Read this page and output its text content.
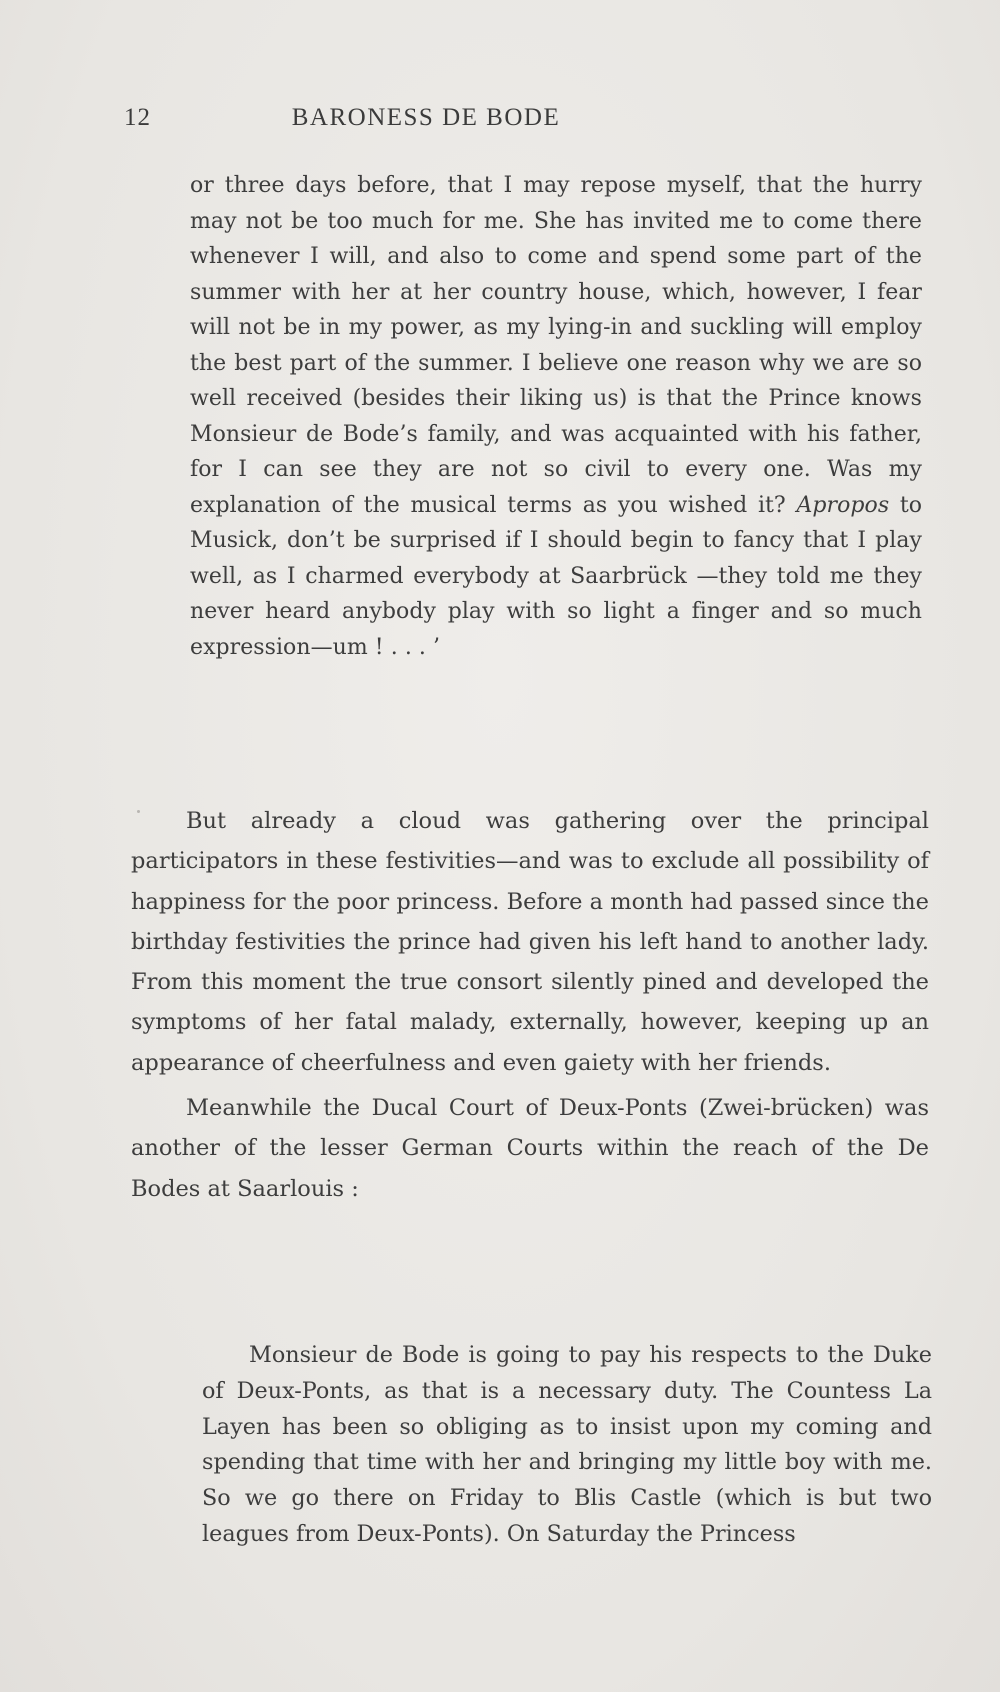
12	BARONESS DE BODE

or three days before, that I may repose myself, that the hurry may not be too much for me. She has invited me to come there whenever I will, and also to come and spend some part of the summer with her at her country house, which, however, I fear will not be in my power, as my lying-in and suckling will employ the best part of the summer. I believe one reason why we are so well received (besides their liking us) is that the Prince knows Monsieur de Bode’s family, and was acquainted with his father, for I can see they are not so civil to every one. Was my explanation of the musical terms as you wished it? Apropos to Musick, don’t be surprised if I should begin to fancy that I play well, as I charmed everybody at Saarbrück —they told me they never heard anybody play with so light a finger and so much expression—um ! . . . ’

But already a cloud was gathering over the principal participators in these festivities—and was to exclude all possibility of happiness for the poor princess. Before a month had passed since the birthday festivities the prince had given his left hand to another lady. From this moment the true consort silently pined and developed the symptoms of her fatal malady, externally, however, keeping up an appearance of cheerfulness and even gaiety with her friends.

Meanwhile the Ducal Court of Deux-Ponts (Zwei-brücken) was another of the lesser German Courts within the reach of the De Bodes at Saarlouis :

Monsieur de Bode is going to pay his respects to the Duke of Deux-Ponts, as that is a necessary duty. The Countess La Layen has been so obliging as to insist upon my coming and spending that time with her and bringing my little boy with me. So we go there on Friday to Blis Castle (which is but two leagues from Deux-Ponts). On Saturday the Princess
